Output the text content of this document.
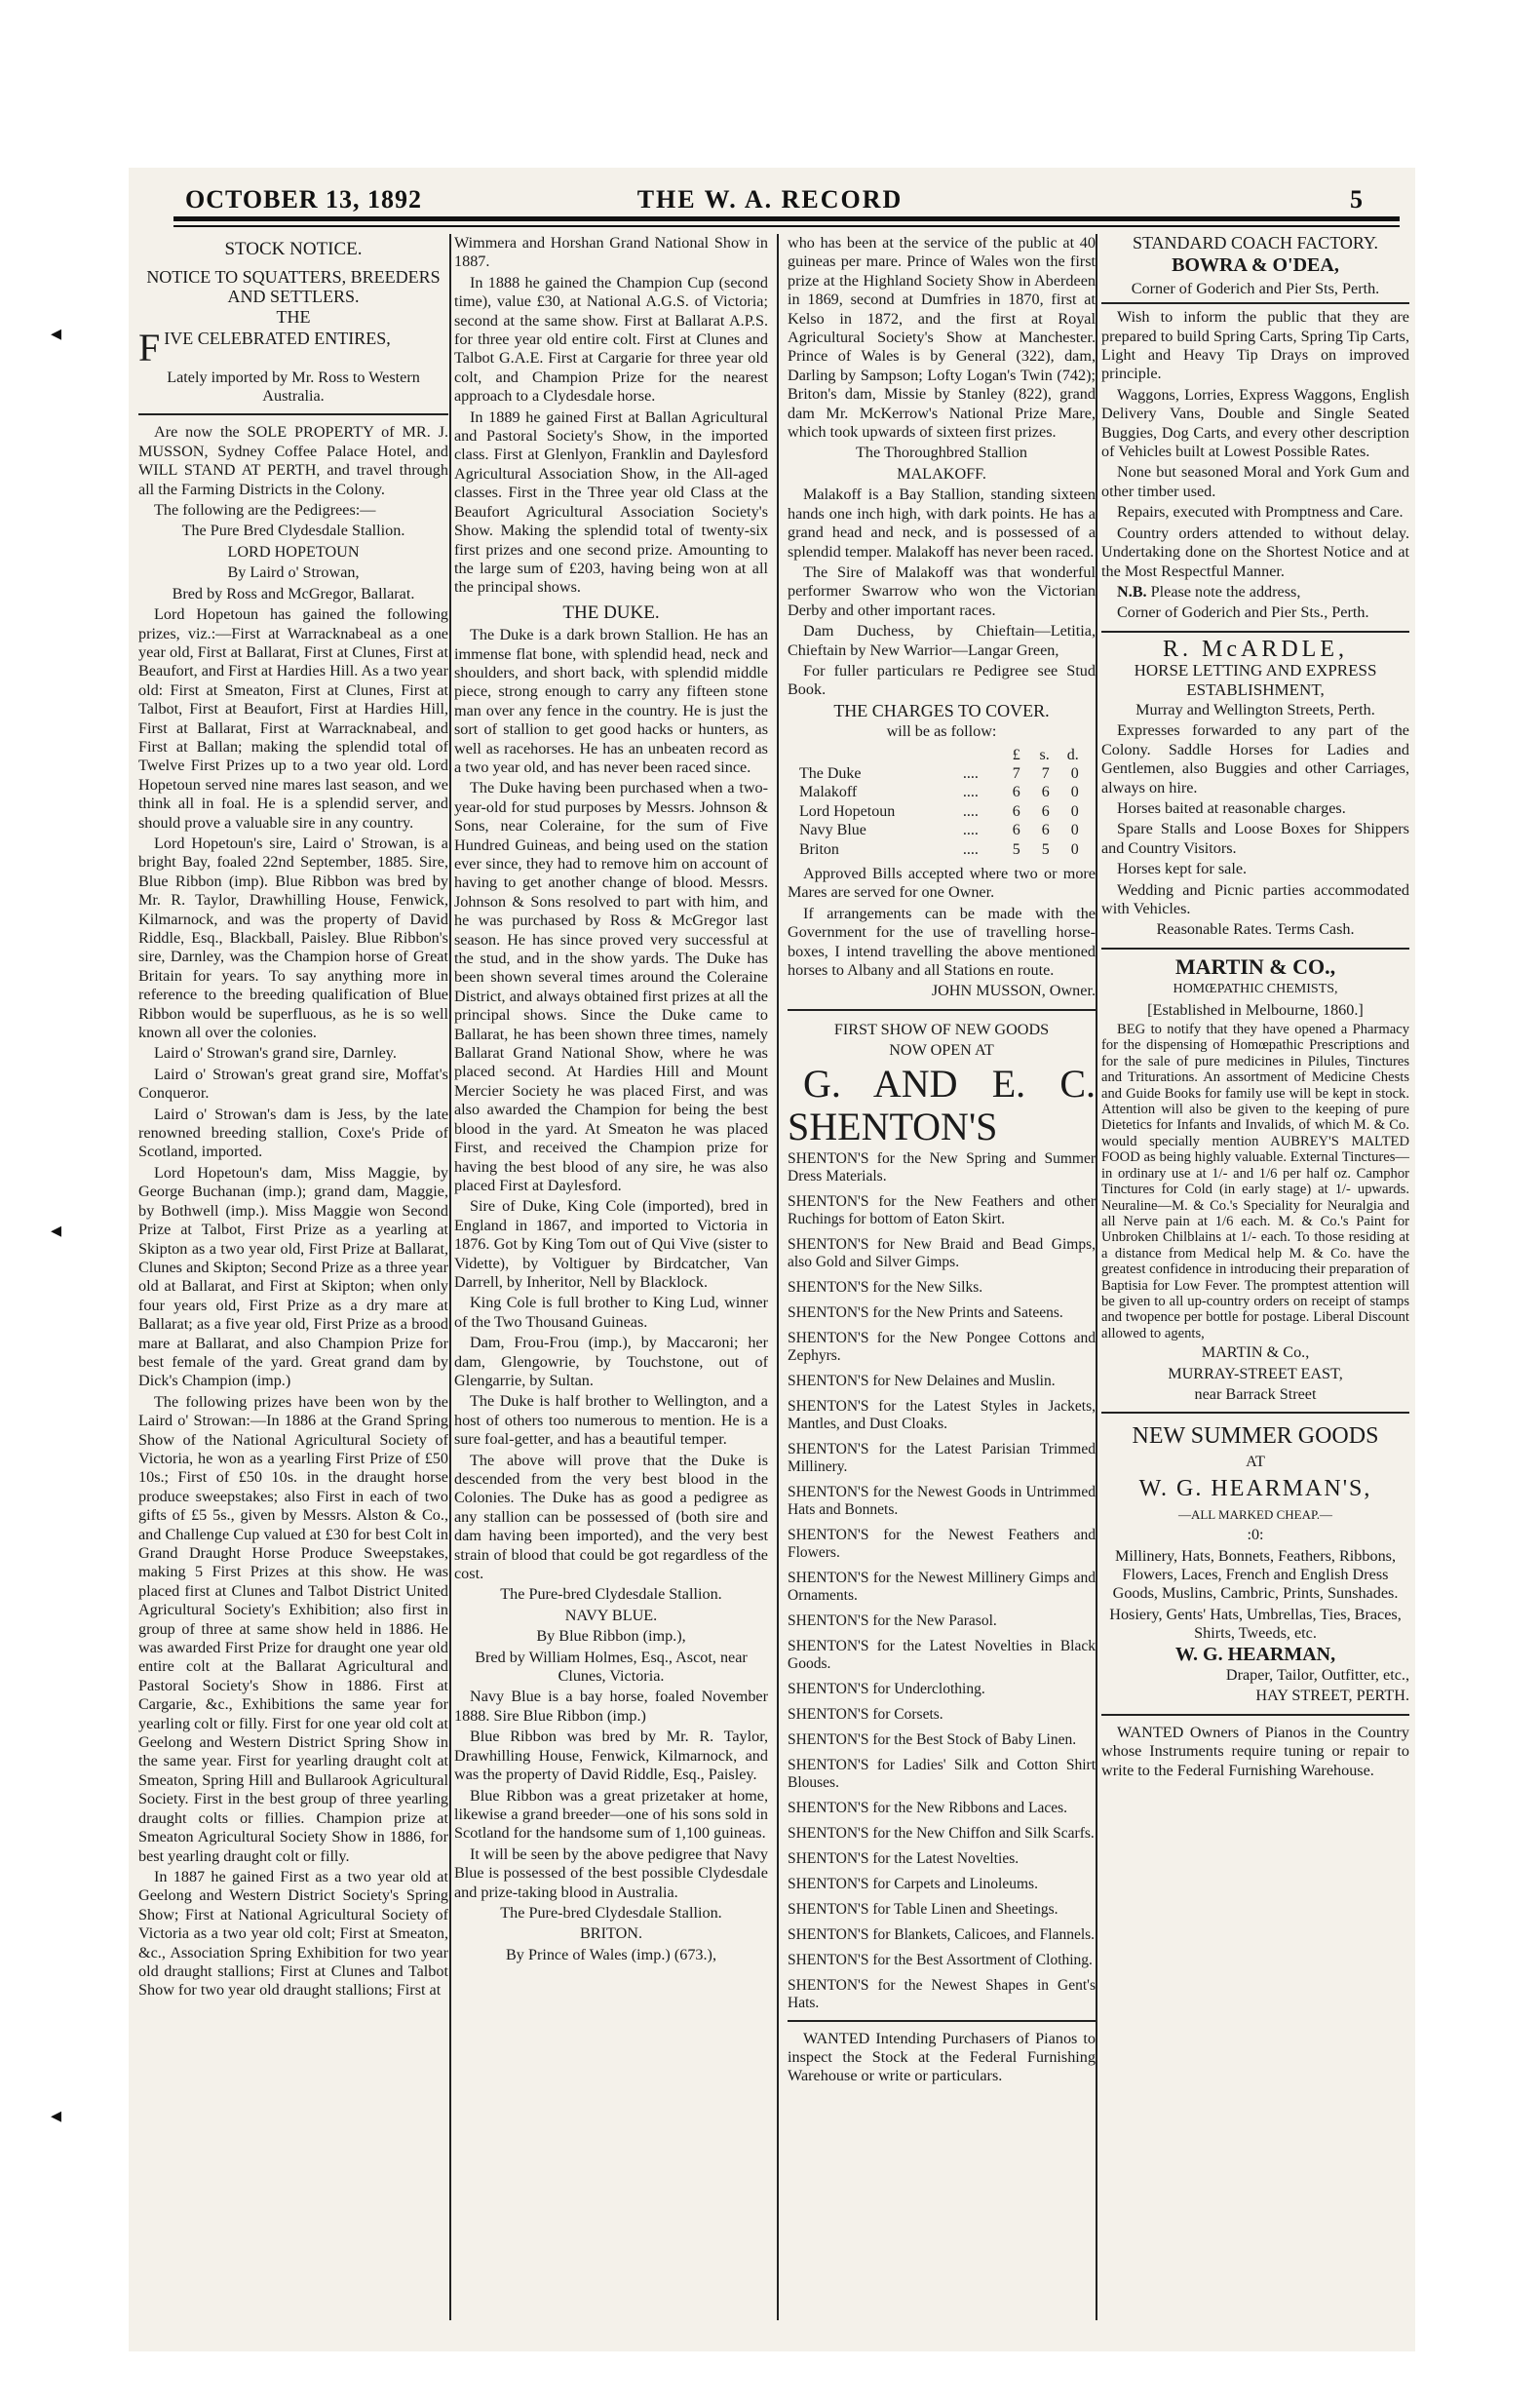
◂
◂
◂
OCTOBER 13, 1892	THE W. A. RECORD	5

STOCK NOTICE.

NOTICE TO SQUATTERS, BREEDERS AND SETTLERS.

THE

FIVE CELEBRATED ENTIRES,

Lately imported by Mr. Ross to Western Australia.

Are now the SOLE PROPERTY of MR. J. MUSSON, Sydney Coffee Palace Hotel, and WILL STAND AT PERTH, and travel through all the Farming Districts in the Colony.

The following are the Pedigrees:—

The Pure Bred Clydesdale Stallion.

LORD HOPETOUN

By Laird o' Strowan,

Bred by Ross and McGregor, Ballarat.

Lord Hopetoun has gained the following prizes, viz.:—First at Warracknabeal as a one year old, First at Ballarat, First at Clunes, First at Beaufort, and First at Hardies Hill. As a two year old: First at Smeaton, First at Clunes, First at Talbot, First at Beaufort, First at Hardies Hill, First at Ballarat, First at Warracknabeal, and First at Ballan; making the splendid total of Twelve First Prizes up to a two year old. Lord Hopetoun served nine mares last season, and we think all in foal. He is a splendid server, and should prove a valuable sire in any country.

Lord Hopetoun's sire, Laird o' Strowan, is a bright Bay, foaled 22nd September, 1885. Sire, Blue Ribbon (imp). Blue Ribbon was bred by Mr. R. Taylor, Drawhilling House, Fenwick, Kilmarnock, and was the property of David Riddle, Esq., Blackball, Paisley. Blue Ribbon's sire, Darnley, was the Champion horse of Great Britain for years. To say anything more in reference to the breeding qualification of Blue Ribbon would be superfluous, as he is so well known all over the colonies.

Laird o' Strowan's grand sire, Darnley.

Laird o' Strowan's great grand sire, Moffat's Conqueror.

Laird o' Strowan's dam is Jess, by the late renowned breeding stallion, Coxe's Pride of Scotland, imported.

Lord Hopetoun's dam, Miss Maggie, by George Buchanan (imp.); grand dam, Maggie, by Bothwell (imp.). Miss Maggie won Second Prize at Talbot, First Prize as a yearling at Skipton as a two year old, First Prize at Ballarat, Clunes and Skipton; Second Prize as a three year old at Ballarat, and First at Skipton; when only four years old, First Prize as a dry mare at Ballarat; as a five year old, First Prize as a brood mare at Ballarat, and also Champion Prize for best female of the yard. Great grand dam by Dick's Champion (imp.)

The following prizes have been won by the Laird o' Strowan:—In 1886 at the Grand Spring Show of the National Agricultural Society of Victoria, he won as a yearling First Prize of £50 10s.; First of £50 10s. in the draught horse produce sweepstakes; also First in each of two gifts of £5 5s., given by Messrs. Alston & Co., and Challenge Cup valued at £30 for best Colt in Grand Draught Horse Produce Sweepstakes, making 5 First Prizes at this show. He was placed first at Clunes and Talbot District United Agricultural Society's Exhibition; also first in group of three at same show held in 1886. He was awarded First Prize for draught one year old entire colt at the Ballarat Agricultural and Pastoral Society's Show in 1886. First at Cargarie, &c., Exhibitions the same year for yearling colt or filly. First for one year old colt at Geelong and Western District Spring Show in the same year. First for yearling draught colt at Smeaton, Spring Hill and Bullarook Agricultural Society. First in the best group of three yearling draught colts or fillies. Champion prize at Smeaton Agricultural Society Show in 1886, for best yearling draught colt or filly.

In 1887 he gained First as a two year old at Geelong and Western District Society's Spring Show; First at National Agricultural Society of Victoria as a two year old colt; First at Smeaton, &c., Association Spring Exhibition for two year old draught stallions; First at Clunes and Talbot Show for two year old draught stallions; First at

Wimmera and Horshan Grand National Show in 1887.

In 1888 he gained the Champion Cup (second time), value £30, at National A.G.S. of Victoria; second at the same show. First at Ballarat A.P.S. for three year old entire colt. First at Clunes and Talbot G.A.E. First at Cargarie for three year old colt, and Champion Prize for the nearest approach to a Clydesdale horse.

In 1889 he gained First at Ballan Agricultural and Pastoral Society's Show, in the imported class. First at Glenlyon, Franklin and Daylesford Agricultural Association Show, in the All-aged classes. First in the Three year old Class at the Beaufort Agricultural Association Society's Show. Making the splendid total of twenty-six first prizes and one second prize. Amounting to the large sum of £203, having being won at all the principal shows.

THE DUKE.

The Duke is a dark brown Stallion. He has an immense flat bone, with splendid head, neck and shoulders, and short back, with splendid middle piece, strong enough to carry any fifteen stone man over any fence in the country. He is just the sort of stallion to get good hacks or hunters, as well as racehorses. He has an unbeaten record as a two year old, and has never been raced since.

The Duke having been purchased when a two-year-old for stud purposes by Messrs. Johnson & Sons, near Coleraine, for the sum of Five Hundred Guineas, and being used on the station ever since, they had to remove him on account of having to get another change of blood. Messrs. Johnson & Sons resolved to part with him, and he was purchased by Ross & McGregor last season. He has since proved very successful at the stud, and in the show yards. The Duke has been shown several times around the Coleraine District, and always obtained first prizes at all the principal shows. Since the Duke came to Ballarat, he has been shown three times, namely Ballarat Grand National Show, where he was placed second. At Hardies Hill and Mount Mercier Society he was placed First, and was also awarded the Champion for being the best blood in the yard. At Smeaton he was placed First, and received the Champion prize for having the best blood of any sire, he was also placed First at Daylesford.

Sire of Duke, King Cole (imported), bred in England in 1867, and imported to Victoria in 1876. Got by King Tom out of Qui Vive (sister to Vidette), by Voltiguer by Birdcatcher, Van Darrell, by Inheritor, Nell by Blacklock.

King Cole is full brother to King Lud, winner of the Two Thousand Guineas.

Dam, Frou-Frou (imp.), by Maccaroni; her dam, Glengowrie, by Touchstone, out of Glengarrie, by Sultan.

The Duke is half brother to Wellington, and a host of others too numerous to mention. He is a sure foal-getter, and has a beautiful temper.

The above will prove that the Duke is descended from the very best blood in the Colonies. The Duke has as good a pedigree as any stallion can be possessed of (both sire and dam having been imported), and the very best strain of blood that could be got regardless of the cost.

The Pure-bred Clydesdale Stallion.

NAVY BLUE.

By Blue Ribbon (imp.),

Bred by William Holmes, Esq., Ascot, near Clunes, Victoria.

Navy Blue is a bay horse, foaled November 1888. Sire Blue Ribbon (imp.)

Blue Ribbon was bred by Mr. R. Taylor, Drawhilling House, Fenwick, Kilmarnock, and was the property of David Riddle, Esq., Paisley.

Blue Ribbon was a great prizetaker at home, likewise a grand breeder—one of his sons sold in Scotland for the handsome sum of 1,100 guineas.

It will be seen by the above pedigree that Navy Blue is possessed of the best possible Clydesdale and prize-taking blood in Australia.

The Pure-bred Clydesdale Stallion.

BRITON.

By Prince of Wales (imp.) (673.),

who has been at the service of the public at 40 guineas per mare. Prince of Wales won the first prize at the Highland Society Show in Aberdeen in 1869, second at Dumfries in 1870, first at Kelso in 1872, and the first at Royal Agricultural Society's Show at Manchester. Prince of Wales is by General (322), dam, Darling by Sampson; Lofty Logan's Twin (742); Briton's dam, Missie by Stanley (822), grand dam Mr. McKerrow's National Prize Mare, which took upwards of sixteen first prizes.

The Thoroughbred Stallion

MALAKOFF.

Malakoff is a Bay Stallion, standing sixteen hands one inch high, with dark points. He has a grand head and neck, and is possessed of a splendid temper. Malakoff has never been raced.

The Sire of Malakoff was that wonderful performer Swarrow who won the Victorian Derby and other important races.

Dam Duchess, by Chieftain—Letitia, Chieftain by New Warrior—Langar Green,

For fuller particulars re Pedigree see Stud Book.

THE CHARGES TO COVER.

will be as follow:

		£	s.	d.
The Duke	....	7	7	0
Malakoff	....	6	6	0
Lord Hopetoun	....	6	6	0
Navy Blue	....	6	6	0
Briton	....	5	5	0

Approved Bills accepted where two or more Mares are served for one Owner.

If arrangements can be made with the Government for the use of travelling horse-boxes, I intend travelling the above mentioned horses to Albany and all Stations en route.

JOHN MUSSON, Owner.

FIRST SHOW OF NEW GOODS

NOW OPEN AT

G. AND E. C. SHENTON'S

SHENTON'S for the New Spring and Summer Dress Materials.

SHENTON'S for the New Feathers and other Ruchings for bottom of Eaton Skirt.

SHENTON'S for New Braid and Bead Gimps, also Gold and Silver Gimps.

SHENTON'S for the New Silks.

SHENTON'S for the New Prints and Sateens.

SHENTON'S for the New Pongee Cottons and Zephyrs.

SHENTON'S for New Delaines and Muslin.

SHENTON'S for the Latest Styles in Jackets, Mantles, and Dust Cloaks.

SHENTON'S for the Latest Parisian Trimmed Millinery.

SHENTON'S for the Newest Goods in Untrimmed Hats and Bonnets.

SHENTON'S for the Newest Feathers and Flowers.

SHENTON'S for the Newest Millinery Gimps and Ornaments.

SHENTON'S for the New Parasol.

SHENTON'S for the Latest Novelties in Black Goods.

SHENTON'S for Underclothing.

SHENTON'S for Corsets.

SHENTON'S for the Best Stock of Baby Linen.

SHENTON'S for Ladies' Silk and Cotton Shirt Blouses.

SHENTON'S for the New Ribbons and Laces.

SHENTON'S for the New Chiffon and Silk Scarfs.

SHENTON'S for the Latest Novelties.

SHENTON'S for Carpets and Linoleums.

SHENTON'S for Table Linen and Sheetings.

SHENTON'S for Blankets, Calicoes, and Flannels.

SHENTON'S for the Best Assortment of Clothing.

SHENTON'S for the Newest Shapes in Gent's Hats.

WANTED Intending Purchasers of Pianos to inspect the Stock at the Federal Furnishing Warehouse or write or particulars.

STANDARD COACH FACTORY.

BOWRA & O'DEA,

Corner of Goderich and Pier Sts, Perth.

Wish to inform the public that they are prepared to build Spring Carts, Spring Tip Carts, Light and Heavy Tip Drays on improved principle.

Waggons, Lorries, Express Waggons, English Delivery Vans, Double and Single Seated Buggies, Dog Carts, and every other description of Vehicles built at Lowest Possible Rates.

None but seasoned Moral and York Gum and other timber used.

Repairs, executed with Promptness and Care.

Country orders attended to without delay. Undertaking done on the Shortest Notice and at the Most Respectful Manner.

N.B. Please note the address,

Corner of Goderich and Pier Sts., Perth.

R. McARDLE,

HORSE LETTING AND EXPRESS ESTABLISHMENT,

Murray and Wellington Streets, Perth.

Expresses forwarded to any part of the Colony. Saddle Horses for Ladies and Gentlemen, also Buggies and other Carriages, always on hire.

Horses baited at reasonable charges.

Spare Stalls and Loose Boxes for Shippers and Country Visitors.

Horses kept for sale.

Wedding and Picnic parties accommodated with Vehicles.

Reasonable Rates. Terms Cash.

MARTIN & CO.,

HOMŒPATHIC CHEMISTS,

[Established in Melbourne, 1860.]

BEG to notify that they have opened a Pharmacy for the dispensing of Homœpathic Prescriptions and for the sale of pure medicines in Pilules, Tinctures and Triturations. An assortment of Medicine Chests and Guide Books for family use will be kept in stock. Attention will also be given to the keeping of pure Dietetics for Infants and Invalids, of which M. & Co. would specially mention AUBREY'S MALTED FOOD as being highly valuable. External Tinctures—in ordinary use at 1/- and 1/6 per half oz. Camphor Tinctures for Cold (in early stage) at 1/- upwards. Neuraline—M. & Co.'s Speciality for Neuralgia and all Nerve pain at 1/6 each. M. & Co.'s Paint for Unbroken Chilblains at 1/- each. To those residing at a distance from Medical help M. & Co. have the greatest confidence in introducing their preparation of Baptisia for Low Fever. The promptest attention will be given to all up-country orders on receipt of stamps and twopence per bottle for postage. Liberal Discount allowed to agents,

MARTIN & Co.,

MURRAY-STREET EAST,

near Barrack Street

NEW SUMMER GOODS

AT

W. G. HEARMAN'S,

—ALL MARKED CHEAP.—

:0:

Millinery, Hats, Bonnets, Feathers, Ribbons, Flowers, Laces, French and English Dress Goods, Muslins, Cambric, Prints, Sunshades.

Hosiery, Gents' Hats, Umbrellas, Ties, Braces, Shirts, Tweeds, etc.

W. G. HEARMAN,

Draper, Tailor, Outfitter, etc.,

HAY STREET, PERTH.

WANTED Owners of Pianos in the Country whose Instruments require tuning or repair to write to the Federal Furnishing Warehouse.
